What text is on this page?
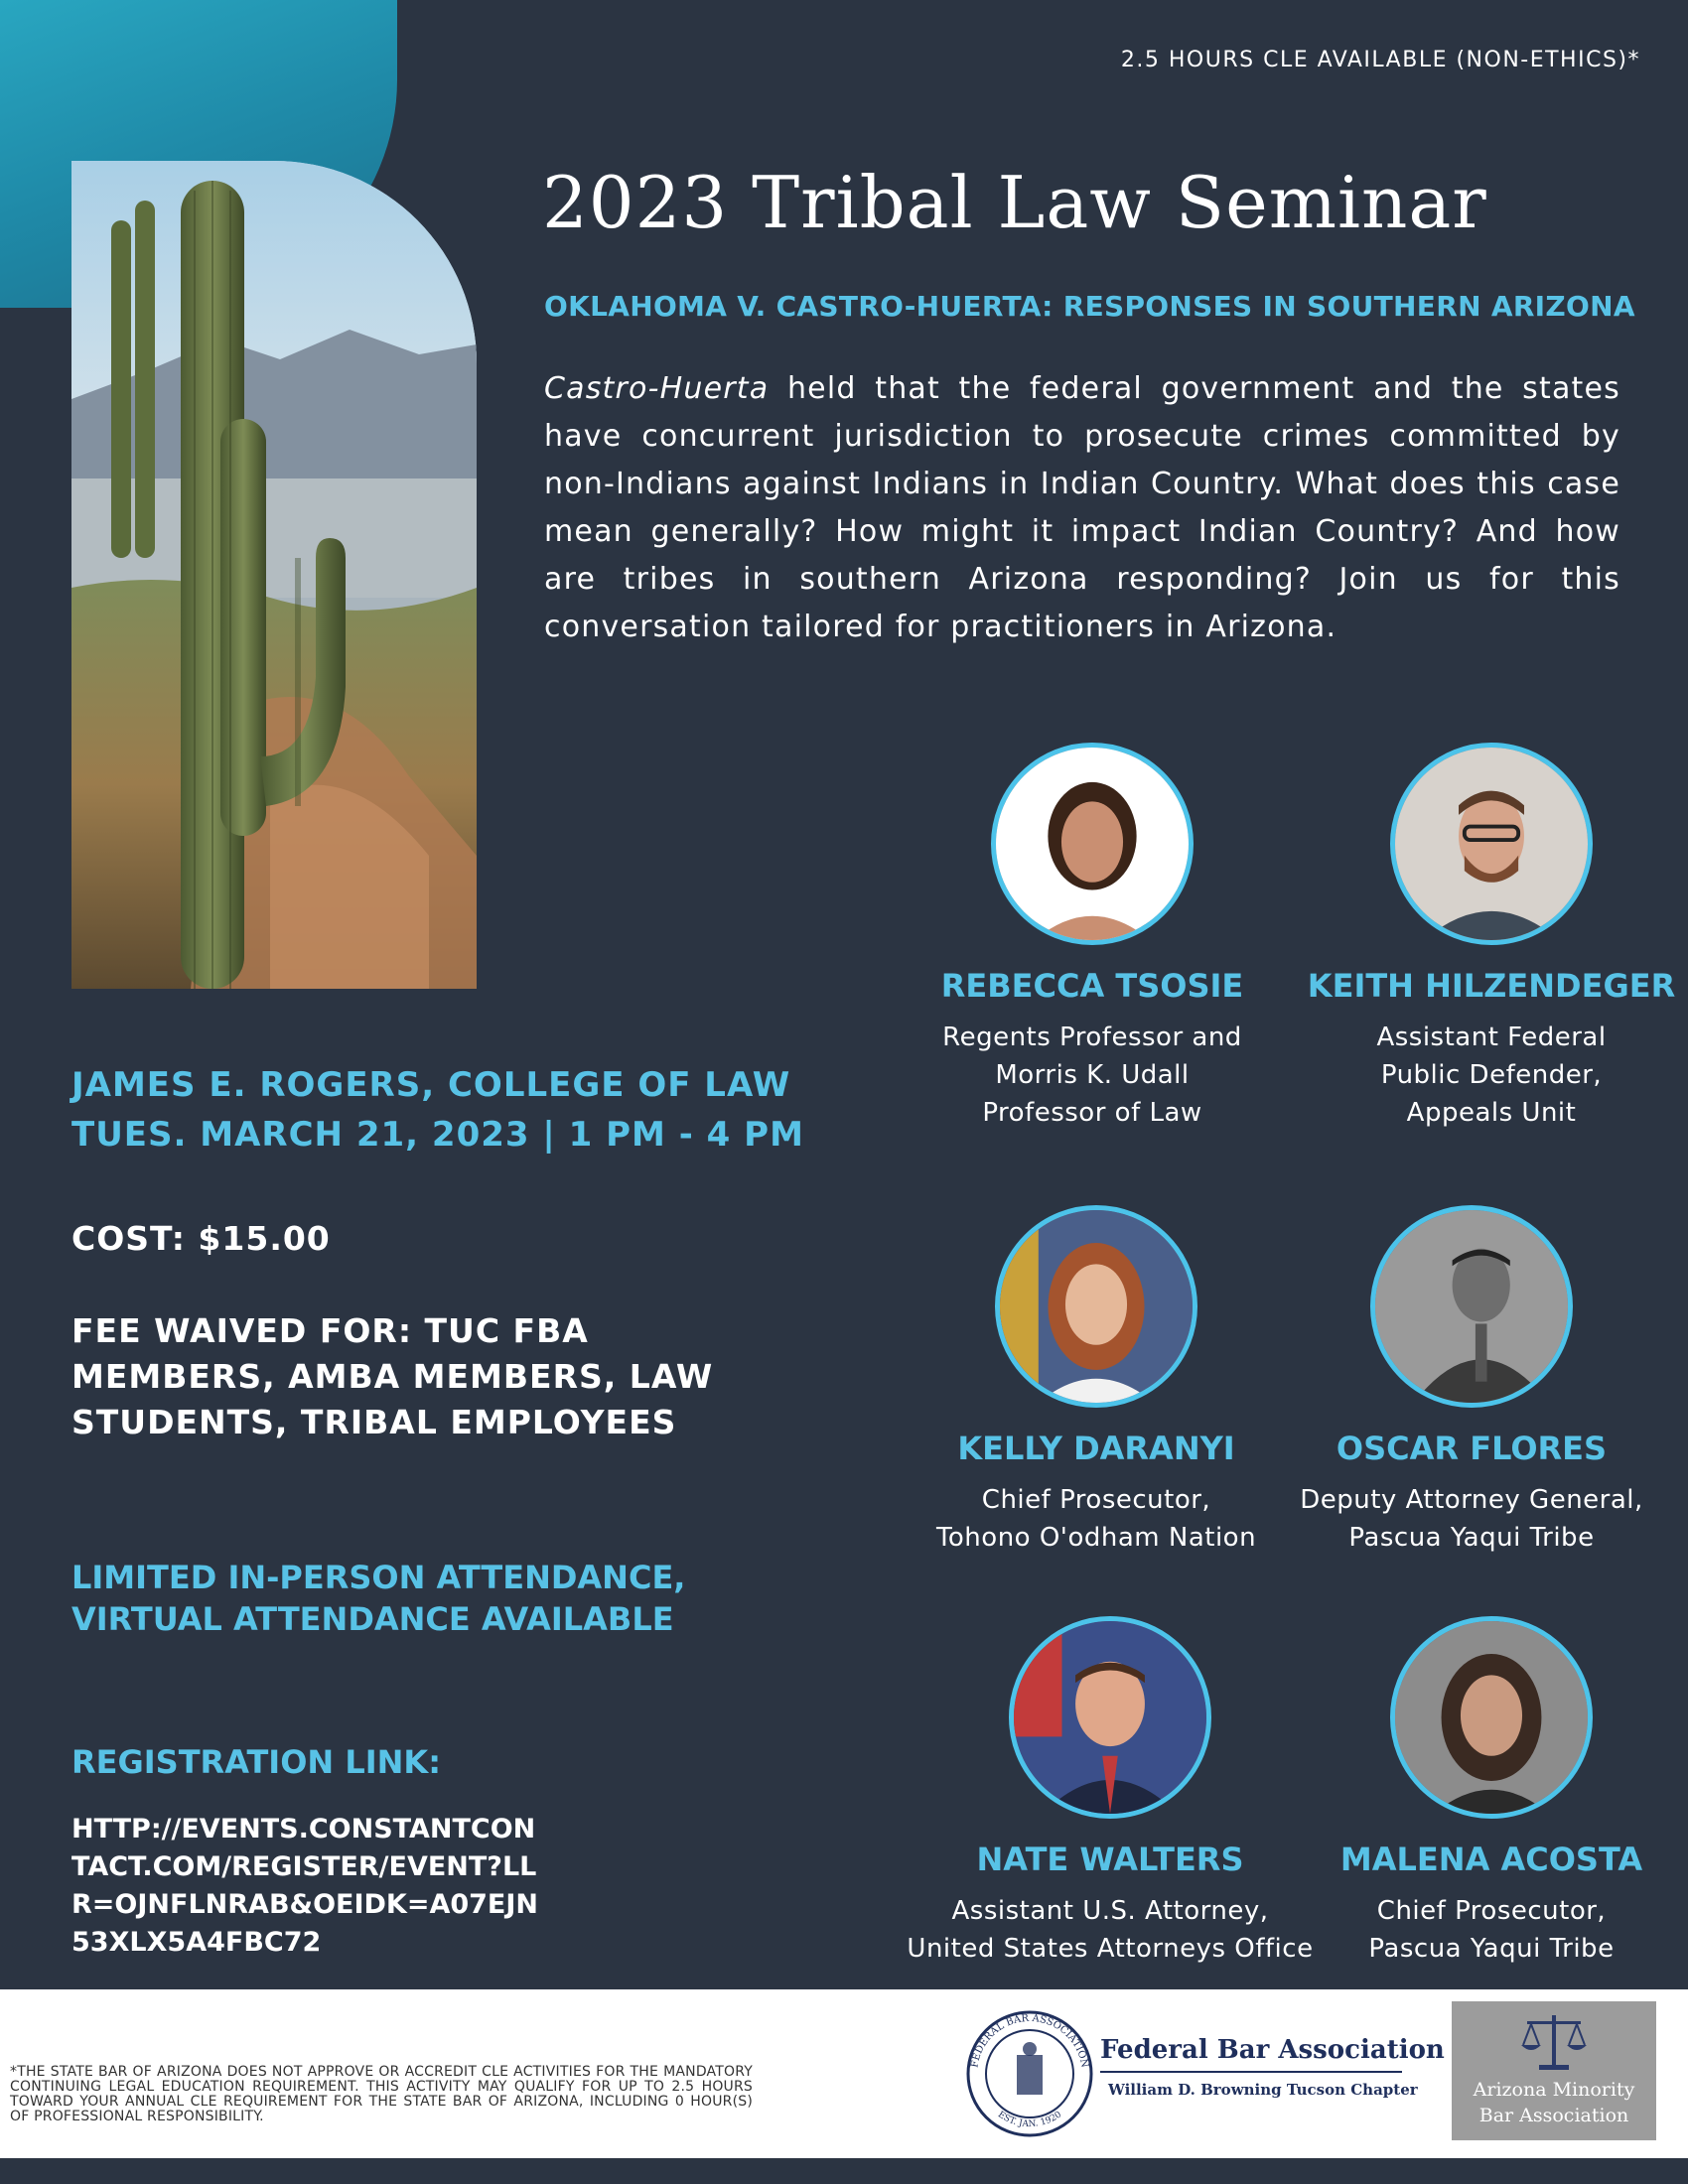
2.5 HOURS CLE AVAILABLE (NON-ETHICS)*
2023 Tribal Law Seminar
OKLAHOMA V. CASTRO-HUERTA: RESPONSES IN SOUTHERN ARIZONA

Castro-Huerta held that the federal government and the states have concurrent jurisdiction to prosecute crimes committed by non-Indians against Indians in Indian Country. What does this case mean generally? How might it impact Indian Country? And how are tribes in southern Arizona responding? Join us for this conversation tailored for practitioners in Arizona.

JAMES E. ROGERS, COLLEGE OF LAW
TUES. MARCH 21, 2023 | 1 PM - 4 PM
COST: $15.00
FEE WAIVED FOR: TUC FBA MEMBERS, AMBA MEMBERS, LAW STUDENTS, TRIBAL EMPLOYEES
LIMITED IN-PERSON ATTENDANCE,
VIRTUAL ATTENDANCE AVAILABLE
REGISTRATION LINK:
HTTP://EVENTS.CONSTANTCONTACT.COM/REGISTER/EVENT?LLR=OJNFLNRAB&OEIDK=A07EJN53XLX5A4FBC72
REBECCA TSOSIE
Regents Professor and
Morris K. Udall
Professor of Law
KEITH HILZENDEGER
Assistant Federal
Public Defender,
Appeals Unit
KELLY DARANYI
Chief Prosecutor,
Tohono O'odham Nation
OSCAR FLORES
Deputy Attorney General,
Pascua Yaqui Tribe
NATE WALTERS
Assistant U.S. Attorney,
United States Attorneys Office
MALENA ACOSTA
Chief Prosecutor,
Pascua Yaqui Tribe

*THE STATE BAR OF ARIZONA DOES NOT APPROVE OR ACCREDIT CLE ACTIVITIES FOR THE MANDATORY CONTINUING LEGAL EDUCATION REQUIREMENT. THIS ACTIVITY MAY QUALIFY FOR UP TO 2.5 HOURS TOWARD YOUR ANNUAL CLE REQUIREMENT FOR THE STATE BAR OF ARIZONA, INCLUDING 0 HOUR(S) OF PROFESSIONAL RESPONSIBILITY.

FEDERAL BAR ASSOCIATION
EST. JAN. 1920
Federal Bar Association
William D. Browning Tucson Chapter	Arizona Minority
Bar Association
